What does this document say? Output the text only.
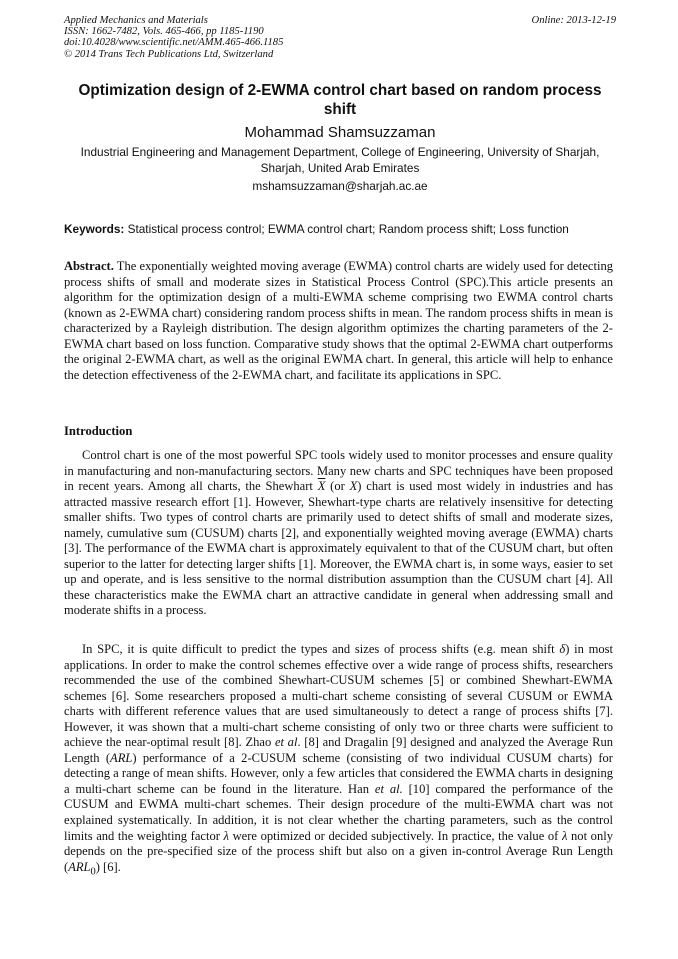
Applied Mechanics and Materials
ISSN: 1662-7482, Vols. 465-466, pp 1185-1190
doi:10.4028/www.scientific.net/AMM.465-466.1185
© 2014 Trans Tech Publications Ltd, Switzerland
Online: 2013-12-19
Optimization design of 2-EWMA control chart based on random process shift
Mohammad Shamsuzzaman
Industrial Engineering and Management Department, College of Engineering, University of Sharjah, Sharjah, United Arab Emirates
mshamsuzzaman@sharjah.ac.ae
Keywords: Statistical process control; EWMA control chart; Random process shift; Loss function

Abstract. The exponentially weighted moving average (EWMA) control charts are widely used for detecting process shifts of small and moderate sizes in Statistical Process Control (SPC).This article presents an algorithm for the optimization design of a multi-EWMA scheme comprising two EWMA control charts (known as 2-EWMA chart) considering random process shifts in mean. The random process shifts in mean is characterized by a Rayleigh distribution. The design algorithm optimizes the charting parameters of the 2-EWMA chart based on loss function. Comparative study shows that the optimal 2-EWMA chart outperforms the original 2-EWMA chart, as well as the original EWMA chart. In general, this article will help to enhance the detection effectiveness of the 2-EWMA chart, and facilitate its applications in SPC.

Introduction

Control chart is one of the most powerful SPC tools widely used to monitor processes and ensure quality in manufacturing and non-manufacturing sectors. Many new charts and SPC techniques have been proposed in recent years. Among all charts, the Shewhart $\overline{X}$ (or X) chart is used most widely in industries and has attracted massive research effort [1]. However, Shewhart-type charts are relatively insensitive for detecting smaller shifts. Two types of control charts are primarily used to detect shifts of small and moderate sizes, namely, cumulative sum (CUSUM) charts [2], and exponentially weighted moving average (EWMA) charts [3]. The performance of the EWMA chart is approximately equivalent to that of the CUSUM chart, but often superior to the latter for detecting larger shifts [1]. Moreover, the EWMA chart is, in some ways, easier to set up and operate, and is less sensitive to the normal distribution assumption than the CUSUM chart [4]. All these characteristics make the EWMA chart an attractive candidate in general when addressing small and moderate shifts in a process.

In SPC, it is quite difficult to predict the types and sizes of process shifts (e.g. mean shift δ) in most applications. In order to make the control schemes effective over a wide range of process shifts, researchers recommended the use of the combined Shewhart-CUSUM schemes [5] or combined Shewhart-EWMA schemes [6]. Some researchers proposed a multi-chart scheme consisting of several CUSUM or EWMA charts with different reference values that are used simultaneously to detect a range of process shifts [7]. However, it was shown that a multi-chart scheme consisting of only two or three charts were sufficient to achieve the near-optimal result [8]. Zhao et al. [8] and Dragalin [9] designed and analyzed the Average Run Length (ARL) performance of a 2-CUSUM scheme (consisting of two individual CUSUM charts) for detecting a range of mean shifts. However, only a few articles that considered the EWMA charts in designing a multi-chart scheme can be found in the literature. Han et al. [10] compared the performance of the CUSUM and EWMA multi-chart schemes. Their design procedure of the multi-EWMA chart was not explained systematically. In addition, it is not clear whether the charting parameters, such as the control limits and the weighting factor λ were optimized or decided subjectively. In practice, the value of λ not only depends on the pre-specified size of the process shift but also on a given in-control Average Run Length $(ARL_0)$ [6].
